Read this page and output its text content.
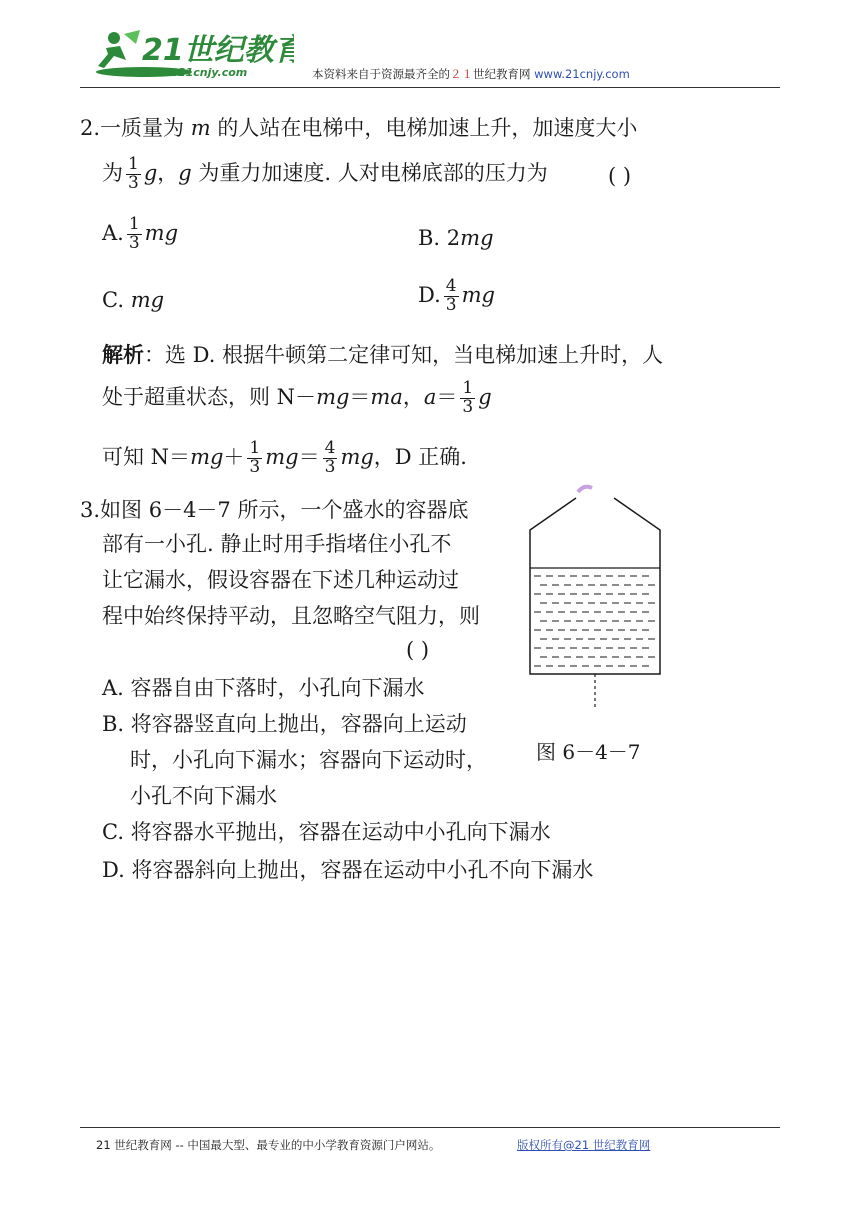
21世纪教育
www.21cnjy.com	本资料来自于资源最齐全的２１世纪教育网 www.21cnjy.com
2.一质量为 m 的人站在电梯中，电梯加速上升，加速度大小
为 $\frac{1}{3}$ g，g 为重力加速度. 人对电梯底部的压力为	( )
A. $\frac{1}{3}$ mg	B. 2mg
C. mg	D. $\frac{4}{3}$ mg
解析：选 D. 根据牛顿第二定律可知，当电梯加速上升时，人
处于超重状态，则 N－mg＝ma，$a= \frac{1}{3}$ g
可知 $N=mg+ \frac{1}{3} mg= \frac{4}{3}$ mg，D 正确.
3.如图 6－4－7 所示，一个盛水的容器底
部有一小孔. 静止时用手指堵住小孔不
让它漏水，假设容器在下述几种运动过
程中始终保持平动，且忽略空气阻力，则
( )
A. 容器自由下落时，小孔向下漏水
B. 将容器竖直向上抛出，容器向上运动
时，小孔向下漏水；容器向下运动时，
小孔不向下漏水
C. 将容器水平抛出，容器在运动中小孔向下漏水
D. 将容器斜向上抛出，容器在运动中小孔不向下漏水
图 6－4－7
21 世纪教育网 -- 中国最大型、最专业的中小学教育资源门户网站。	版权所有@21 世纪教育网
